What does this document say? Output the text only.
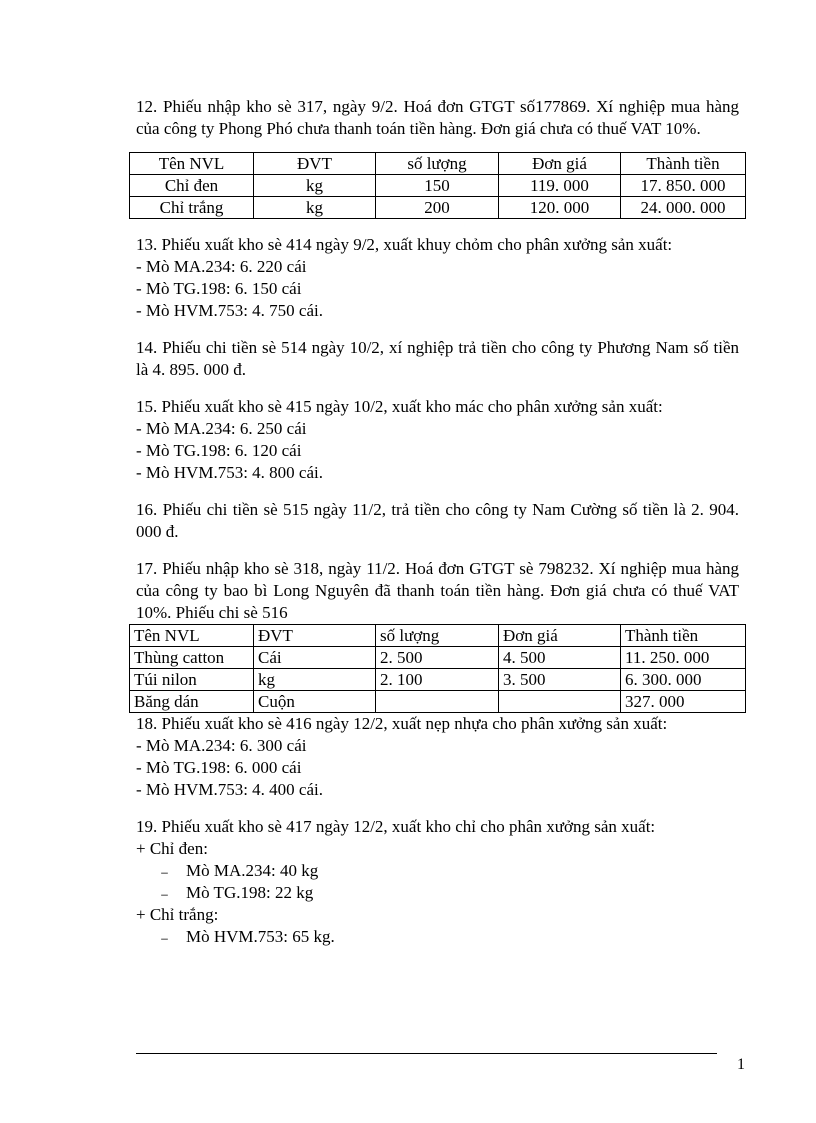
12. Phiếu nhập kho sè 317, ngày 9/2. Hoá đơn GTGT số177869. Xí nghiệp mua hàng của công ty Phong Phó chưa thanh toán tiền hàng. Đơn giá chưa có thuế VAT 10%.

Tên NVL	ĐVT	số lượng	Đơn giá	Thành tiền
Chỉ đen	kg	150	119. 000	17. 850. 000
Chỉ trắng	kg	200	120. 000	24. 000. 000

13. Phiếu xuất kho sè 414 ngày 9/2, xuất khuy chỏm cho phân xưởng sản xuất:

- Mò MA.234: 6. 220 cái

- Mò TG.198: 6. 150 cái

- Mò HVM.753: 4. 750 cái.

14. Phiếu chi tiền sè 514 ngày 10/2, xí nghiệp trả tiền cho công ty Phương Nam số tiền là 4. 895. 000 đ.

15. Phiếu xuất kho sè 415 ngày 10/2, xuất kho mác cho phân xưởng sản xuất:

- Mò MA.234: 6. 250 cái

- Mò TG.198: 6. 120 cái

- Mò HVM.753: 4. 800 cái.

16. Phiếu chi tiền sè 515 ngày 11/2, trả tiền cho công ty Nam Cường số tiền là 2. 904. 000 đ.

17. Phiếu nhập kho sè 318, ngày 11/2. Hoá đơn GTGT sè 798232. Xí nghiệp mua hàng của công ty bao bì Long Nguyên đã thanh toán tiền hàng. Đơn giá chưa có thuế VAT 10%. Phiếu chi sè 516

Tên NVL	ĐVT	số lượng	Đơn giá	Thành tiền
Thùng catton	Cái	2. 500	4. 500	11. 250. 000
Túi nilon	kg	2. 100	3. 500	6. 300. 000
Băng dán	Cuộn			327. 000

18. Phiếu xuất kho sè 416 ngày 12/2, xuất nẹp nhựa cho phân xưởng sản xuất:

- Mò MA.234: 6. 300 cái

- Mò TG.198: 6. 000 cái

- Mò HVM.753: 4. 400 cái.

19. Phiếu xuất kho sè 417 ngày 12/2, xuất kho chỉ cho phân xưởng sản xuất:

+ Chỉ đen:

₋ Mò MA.234: 40 kg

₋ Mò TG.198: 22 kg

+ Chỉ trắng:

₋ Mò HVM.753: 65 kg.

1
